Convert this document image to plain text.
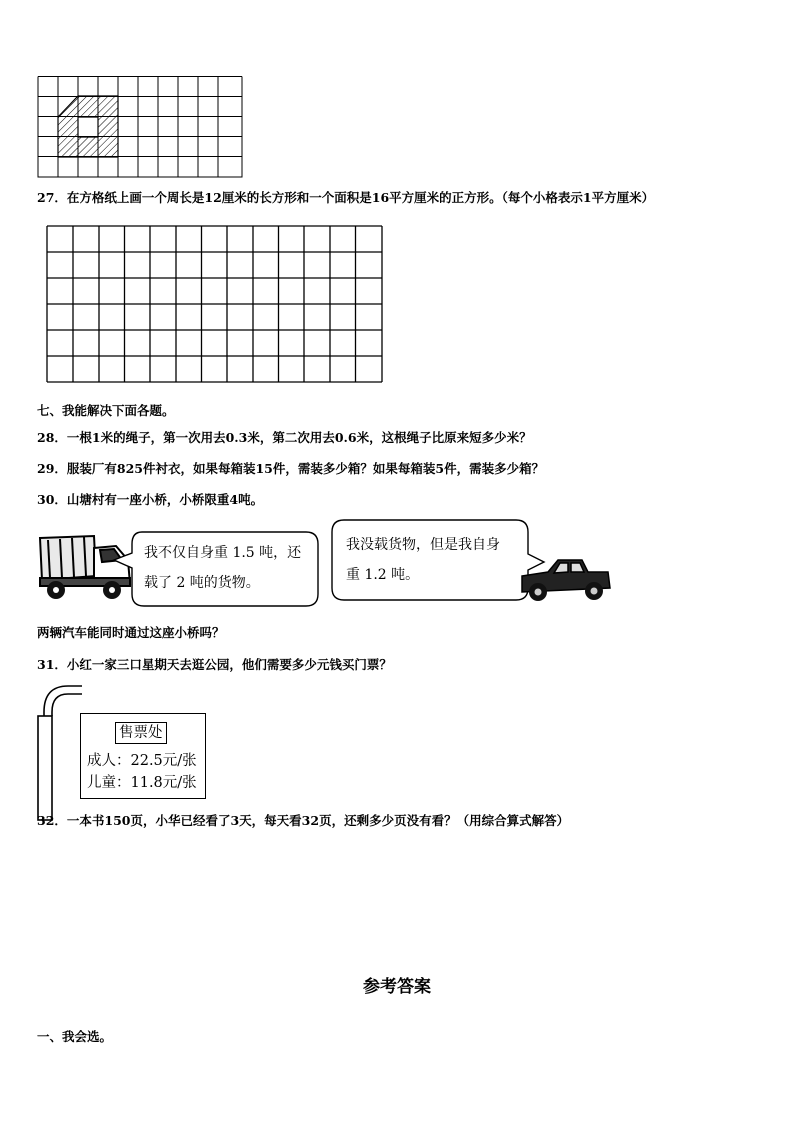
27．在方格纸上画一个周长是12厘米的长方形和一个面积是16平方厘米的正方形。（每个小格表示1平方厘米）
七、我能解决下面各题。
28．一根1米的绳子，第一次用去0.3米，第二次用去0.6米，这根绳子比原来短多少米？
29．服装厂有825件衬衣，如果每箱装15件，需装多少箱？如果每箱装5件，需装多少箱？
30．山塘村有一座小桥，小桥限重4吨。
我不仅自身重 1.5 吨，还
载了 2 吨的货物。
我没载货物，但是我自身
重 1.2 吨。
两辆汽车能同时通过这座小桥吗？
31．小红一家三口星期天去逛公园，他们需要多少元钱买门票？
售票处
成人：22.5元/张
儿童：11.8元/张
32．一本书150页，小华已经看了3天，每天看32页，还剩多少页没有看？（用综合算式解答）
参考答案
一、我会选。
